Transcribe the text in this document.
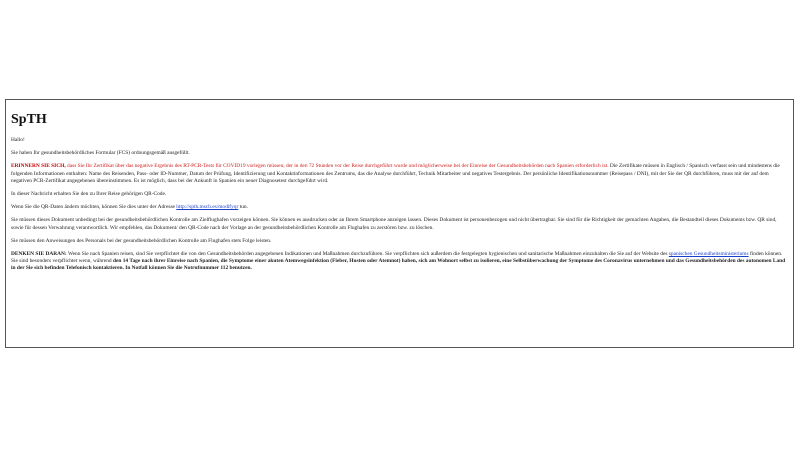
SpTH

Hallo!

Sie haben Ihr gesundheitsbehördliches Formular (FCS) ordnungsgemäß ausgefüllt.

ERINNERN SIE SICH, dass Sie Ihr Zertifikat über das negative Ergebnis des RT-PCR-Tests für COVID19 vorlegen müssen, der in den 72 Stunden vor der Reise durchgeführt wurde und möglicherweise bei der Einreise der Gesundheitsbehörden nach Spanien erforderlich ist. Die Zertifikate müssen in Englisch / Spanisch verfasst sein und mindestens die folgenden Informationen enthalten: Name des Reisenden, Pass- oder ID-Nummer, Datum der Prüfung, Identifizierung und Kontaktinformationen des Zentrums, das die Analyse durchführt, Technik Mitarbeiter und negatives Testergebnis. Der persönliche Identifikationsnummer (Reisepass / DNI), mit der Sie der QR durchführen, muss mit der auf dem negativen PCR-Zertifikat angegebenen übereinstimmen. Es ist möglich, dass bei der Ankunft in Spanien ein neuer Diagnosetest durchgeführt wird.

In dieser Nachricht erhalten Sie den zu Ihrer Reise gehörigen QR-Code.

Wenn Sie die QR-Daten ändern möchten, können Sie dies unter der Adresse http://spth.mscb.es/modifyqr tun.

Sie müssen dieses Dokument unbedingt bei der gesundheitsbehördlichen Kontrolle am Zielflughafen vorzeigen können. Sie können es ausdrucken oder an Ihrem Smartphone anzeigen lassen. Dieses Dokument ist personenbezogen und nicht übertragbar. Sie sind für die Richtigkeit der gemachten Angaben, die Bestandteil dieses Dokuments bzw. QR sind, sowie für dessen Verwahrung verantwortlich. Wir empfehlen, das Dokument/ den QR-Code nach der Vorlage an der gesundheitsbehördlichen Kontrolle am Flughafen zu zerstören bzw. zu löschen.

Sie müssen den Anweisungen des Personals bei der gesundheitsbehördlichen Kontrolle am Flughafen stets Folge leisten.

DENKEN SIE DARAN: Wenn Sie nach Spanien reisen, sind Sie verpflichtet die von den Gesundheitsbehörden angegebenen Indikationen und Maßnahmen durchzuführen. Sie verpflichten sich außerdem die festgelegten hygienischen und sanitarische Maßnahmen einzuhalten die Sie auf der Website des spanischen Gesundheitsministeriums finden können. Sie sind besonders verpflichtet wenn, während den 14 Tage nach ihrer Einreise nach Spanien, die Symptome einer akuten Atemwegsinfektion (Fieber, Husten oder Atemnot) haben, sich am Wohnort selbst zu isolieren, eine Selbstüberwachung der Symptome des Coronavirus unternehmen und das Gesundheitsbehörden des autonomen Land in der Sie sich befinden Telefonisch kontaktieren. In Notfall können Sie die Notrufnummer 112 benutzen.
